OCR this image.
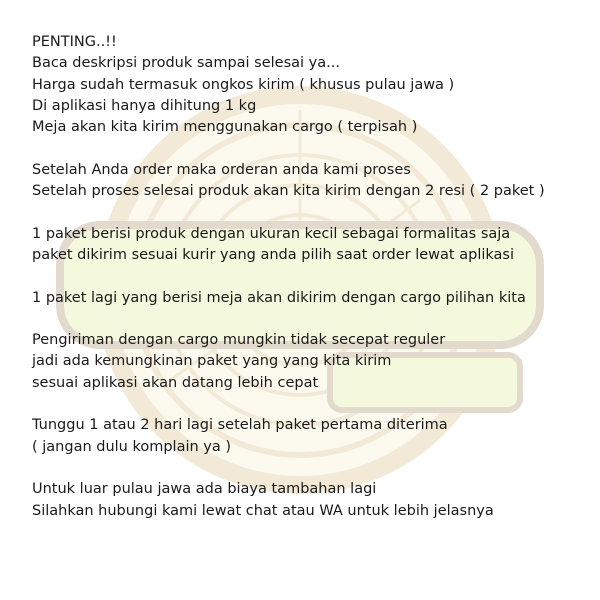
PENTING..!!
Baca deskripsi produk sampai selesai ya...
Harga sudah termasuk ongkos kirim ( khusus pulau jawa )
Di aplikasi hanya dihitung 1 kg
Meja akan kita kirim menggunakan cargo ( terpisah )
Setelah Anda order maka orderan anda kami proses
Setelah proses selesai produk akan kita kirim dengan 2 resi ( 2 paket )
1 paket berisi produk dengan ukuran kecil sebagai formalitas saja
paket dikirim sesuai kurir yang anda pilih saat order lewat aplikasi
1 paket lagi yang berisi meja akan dikirim dengan cargo pilihan kita
Pengiriman dengan cargo mungkin tidak secepat reguler
jadi ada kemungkinan paket yang yang kita kirim
sesuai aplikasi akan datang lebih cepat
Tunggu 1 atau 2 hari lagi setelah paket pertama diterima
( jangan dulu komplain ya )
Untuk luar pulau jawa ada biaya tambahan lagi
Silahkan hubungi kami lewat chat atau WA untuk lebih jelasnya
